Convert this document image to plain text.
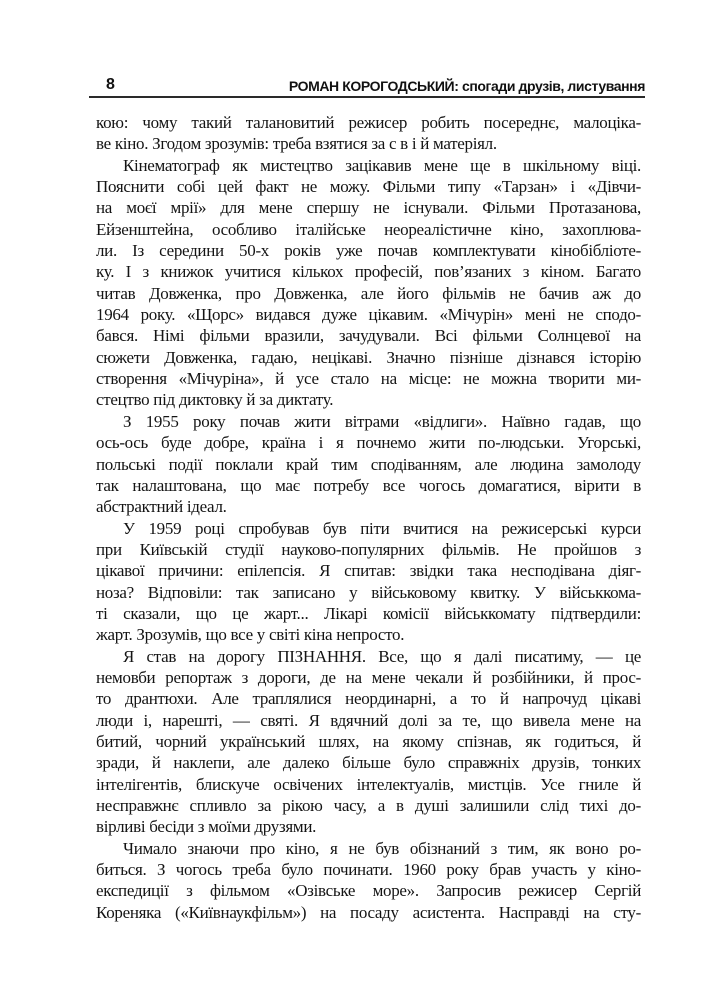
8	РОМАН КОРОГОДСЬКИЙ: спогади друзів, листування
кою: чому такий талановитий режисер робить посереднє, малоціка-
ве кіно. Згодом зрозумів: треба взятися за с в і й матеріял.
Кінематограф як мистецтво зацікавив мене ще в шкільному віці.
Пояснити собі цей факт не можу. Фільми типу «Тарзан» і «Дівчи-
на моєї мрії» для мене спершу не існували. Фільми Протазанова,
Ейзенштейна, особливо італійське неореалістичне кіно, захоплюва-
ли. Із середини 50-х років уже почав комплектувати кінобібліоте-
ку. І з книжок учитися кількох професій, пов’язаних з кіном. Багато
читав Довженка, про Довженка, але його фільмів не бачив аж до
1964 року. «Щорс» видався дуже цікавим. «Мічурін» мені не сподо-
бався. Німі фільми вразили, зачудували. Всі фільми Солнцевої на
сюжети Довженка, гадаю, нецікаві. Значно пізніше дізнався історію
створення «Мічуріна», й усе стало на місце: не можна творити ми-
стецтво під диктовку й за диктату.
З 1955 року почав жити вітрами «відлиги». Наївно гадав, що
ось-ось буде добре, країна і я почнемо жити по-людськи. Угорські,
польські події поклали край тим сподіванням, але людина замолоду
так налаштована, що має потребу все чогось домагатися, вірити в
абстрактний ідеал.
У 1959 році спробував був піти вчитися на режисерські курси
при Київській студії науково-популярних фільмів. Не пройшов з
цікавої причини: епілепсія. Я спитав: звідки така несподівана діяг-
ноза? Відповіли: так записано у військовому квитку. У військкома-
ті сказали, що це жарт... Лікарі комісії військкомату підтвердили:
жарт. Зрозумів, що все у світі кіна непросто.
Я став на дорогу ПІЗНАННЯ. Все, що я далі писатиму, — це
немовби репортаж з дороги, де на мене чекали й розбійники, й прос-
то дрантюхи. Але траплялися неординарні, а то й напрочуд цікаві
люди і, нарешті, — святі. Я вдячний долі за те, що вивела мене на
битий, чорний український шлях, на якому спізнав, як годиться, й
зради, й наклепи, але далеко більше було справжніх друзів, тонких
інтелігентів, блискуче освічених інтелектуалів, мистців. Усе гниле й
несправжнє спливло за рікою часу, а в душі залишили слід тихі до-
вірливі бесіди з моїми друзями.
Чимало знаючи про кіно, я не був обізнаний з тим, як воно ро-
биться. З чогось треба було починати. 1960 року брав участь у кіно-
експедиції з фільмом «Озівське море». Запросив режисер Сергій
Кореняка («Київнаукфільм») на посаду асистента. Насправді на сту-
